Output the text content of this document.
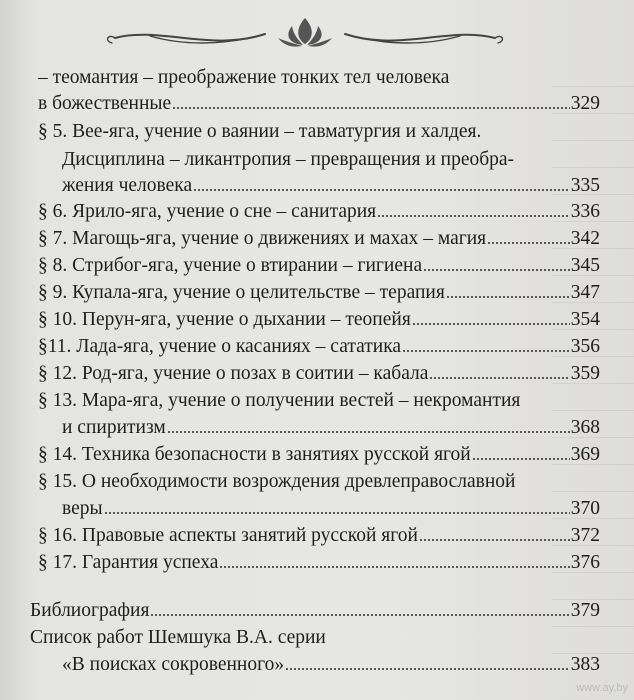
– теомантия – преображение тонких тел человека
в божественные	329
§ 5. Вее-яга, учение о ваянии – тавматургия и халдея.
Дисциплина – ликантропия – превращения и преобра-
жения человека	335
§ 6. Ярило-яга, учение о сне – санитария	336
§ 7. Магощь-яга, учение о движениях и махах – магия	342
§ 8. Стрибог-яга, учение о втирании – гигиена	345
§ 9. Купала-яга, учение о целительстве – терапия	347
§ 10. Перун-яга, учение о дыхании – теопейя	354
§11. Лада-яга, учение о касаниях – сататика	356
§ 12. Род-яга, учение о позах в соитии – кабала	359
§ 13. Мара-яга, учение о получении вестей – некромантия
и спиритизм	368
§ 14. Техника безопасности в занятиях русской ягой	369
§ 15. О необходимости возрождения древлеправославной
веры	370
§ 16. Правовые аспекты занятий русской ягой	372
§ 17. Гарантия успеха	376
Библиография	379
Список работ Шемшука В.А. серии
«В поисках сокровенного»	383
www.ay.by
